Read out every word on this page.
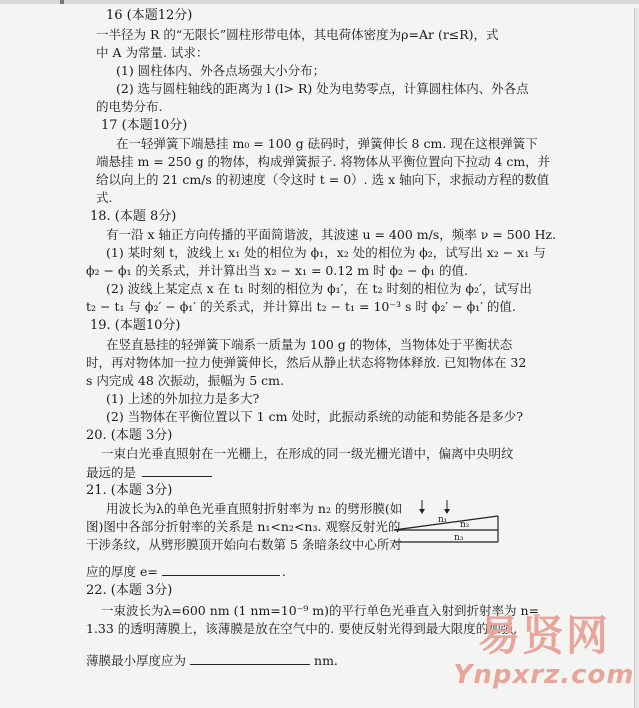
16 (本题12分)
一半径为 R 的“无限长”圆柱形带电体，其电荷体密度为ρ=Ar (r≤R)，式
中 A 为常量. 试求：
(1) 圆柱体内、外各点场强大小分布；
(2) 选与圆柱轴线的距离为 l (l> R) 处为电势零点，计算圆柱体内、外各点
的电势分布.
17 (本题10分)
在一轻弹簧下端悬挂 m₀ = 100 g 砝码时，弹簧伸长 8 cm. 现在这根弹簧下
端悬挂 m = 250 g 的物体，构成弹簧振子. 将物体从平衡位置向下拉动 4 cm，并
给以向上的 21 cm/s 的初速度（令这时 t = 0）. 选 x 轴向下，求振动方程的数值
式.
18. (本题 8分)
有一沿 x 轴正方向传播的平面简谐波，其波速 u = 400 m/s，频率 ν = 500 Hz.
(1) 某时刻 t，波线上 x₁ 处的相位为 ϕ₁，x₂ 处的相位为 ϕ₂，试写出 x₂ − x₁ 与
ϕ₂ − ϕ₁ 的关系式，并计算出当 x₂ − x₁ = 0.12 m 时 ϕ₂ − ϕ₁ 的值.
(2) 波线上某定点 x 在 t₁ 时刻的相位为 ϕ₁′，在 t₂ 时刻的相位为 ϕ₂′，试写出
t₂ − t₁ 与 ϕ₂′ − ϕ₁′ 的关系式，并计算出 t₂ − t₁ = 10⁻³ s 时 ϕ₂′ − ϕ₁′ 的值.
19. (本题10分)
在竖直悬挂的轻弹簧下端系一质量为 100 g 的物体，当物体处于平衡状态
时，再对物体加一拉力使弹簧伸长，然后从静止状态将物体释放. 已知物体在 32
s 内完成 48 次振动，振幅为 5 cm.
(1) 上述的外加拉力是多大?
(2) 当物体在平衡位置以下 1 cm 处时，此振动系统的动能和势能各是多少?
20. (本题 3分)
一束白光垂直照射在一光栅上，在形成的同一级光栅光谱中，偏离中央明纹
最远的是
21. (本题 3分)
用波长为λ的单色光垂直照射折射率为 n₂ 的劈形膜(如
图)图中各部分折射率的关系是 n₁<n₂<n₃. 观察反射光的
干涉条纹，从劈形膜顶开始向右数第 5 条暗条纹中心所对
应的厚度 e=	.
n₁ n₂
n₃
22. (本题 3分)
一束波长为λ=600 nm (1 nm=10⁻⁹ m)的平行单色光垂直入射到折射率为 n=
1.33 的透明薄膜上，该薄膜是放在空气中的. 要使反射光得到最大限度的加强,
薄膜最小厚度应为	nm.
易贤网
Ynpxrz.com
